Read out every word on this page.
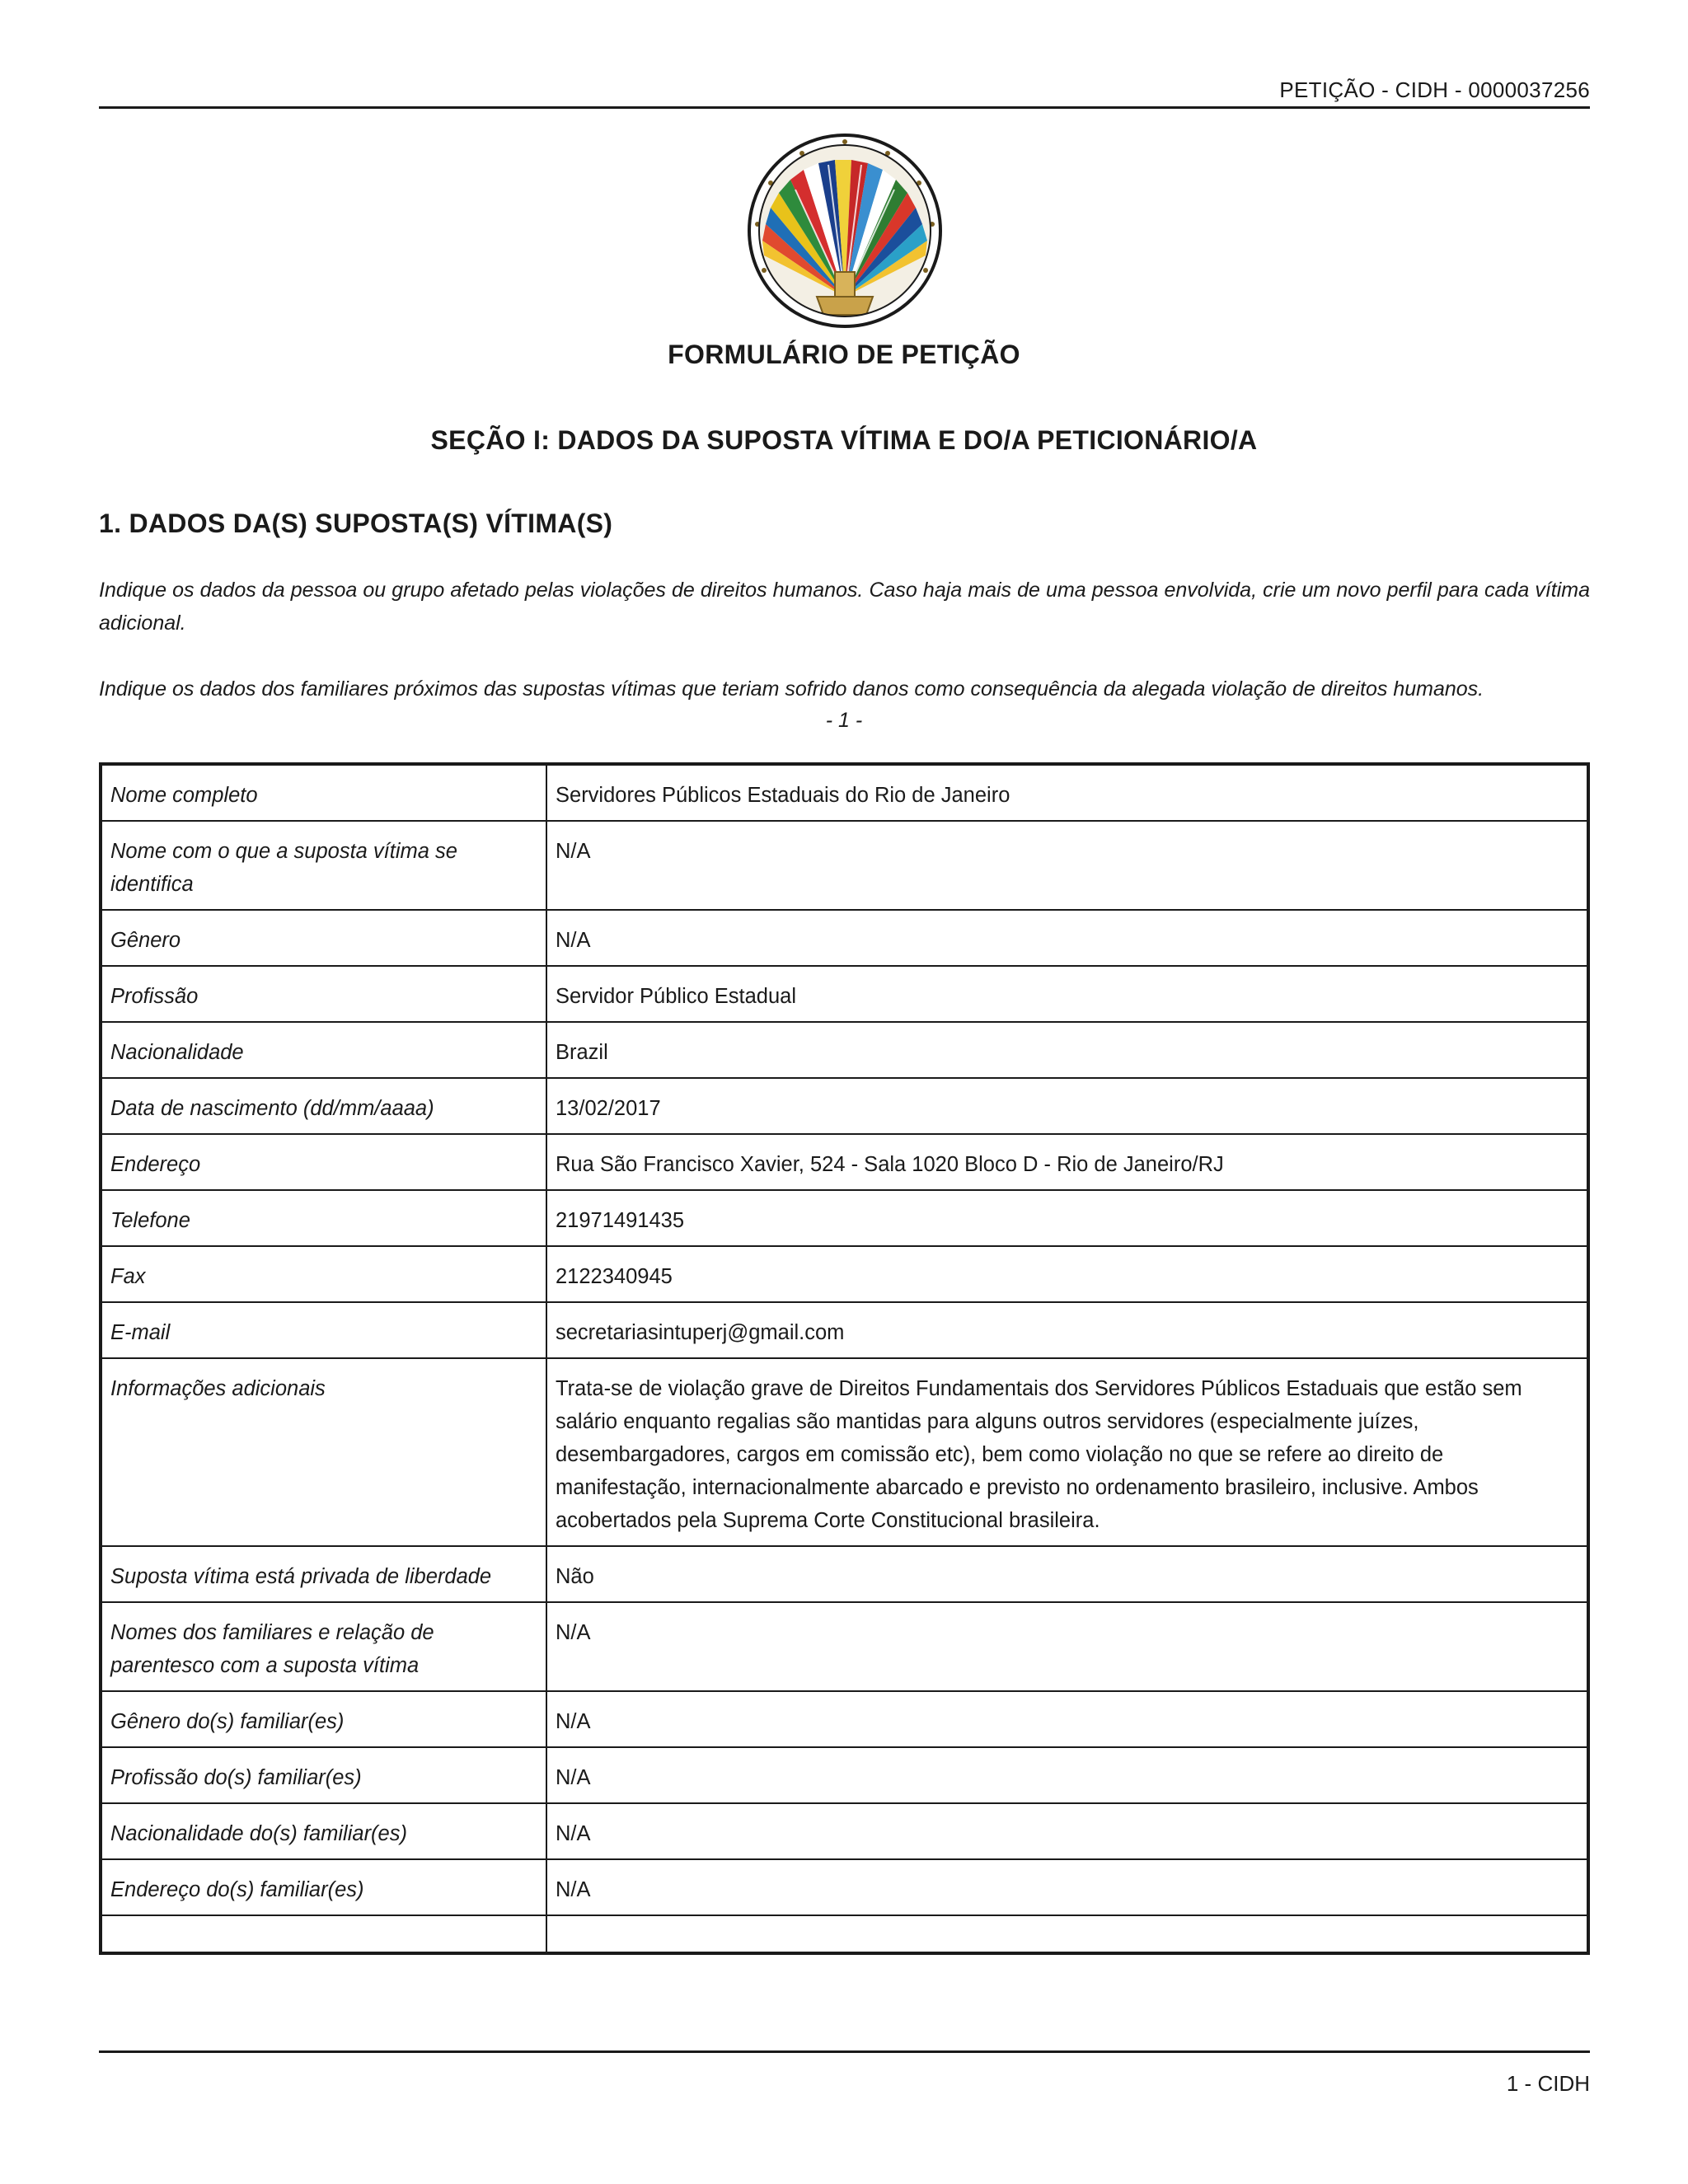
PETIÇÃO - CIDH - 0000037256
FORMULÁRIO DE PETIÇÃO
SEÇÃO I: DADOS DA SUPOSTA VÍTIMA E DO/A PETICIONÁRIO/A
1. DADOS DA(S) SUPOSTA(S) VÍTIMA(S)

Indique os dados da pessoa ou grupo afetado pelas violações de direitos humanos. Caso haja mais de uma pessoa envolvida, crie um novo perfil para cada vítima adicional.

Indique os dados dos familiares próximos das supostas vítimas que teriam sofrido danos como consequência da alegada violação de direitos humanos.

- 1 -
Nome completo	Servidores Públicos Estaduais do Rio de Janeiro
Nome com o que a suposta vítima se identifica	N/A
Gênero	N/A
Profissão	Servidor Público Estadual
Nacionalidade	Brazil
Data de nascimento (dd/mm/aaaa)	13/02/2017
Endereço	Rua São Francisco Xavier, 524 - Sala 1020 Bloco D - Rio de Janeiro/RJ
Telefone	21971491435
Fax	2122340945
E-mail	secretariasintuperj@gmail.com
Informações adicionais	Trata-se de violação grave de Direitos Fundamentais dos Servidores Públicos Estaduais que estão sem salário enquanto regalias são mantidas para alguns outros servidores (especialmente juízes, desembargadores, cargos em comissão etc), bem como violação no que se refere ao direito de manifestação, internacionalmente abarcado e previsto no ordenamento brasileiro, inclusive. Ambos acobertados pela Suprema Corte Constitucional brasileira.
Suposta vítima está privada de liberdade	Não
Nomes dos familiares e relação de parentesco com a suposta vítima	N/A
Gênero do(s) familiar(es)	N/A
Profissão do(s) familiar(es)	N/A
Nacionalidade do(s) familiar(es)	N/A
Endereço do(s) familiar(es)	N/A

1 - CIDH
